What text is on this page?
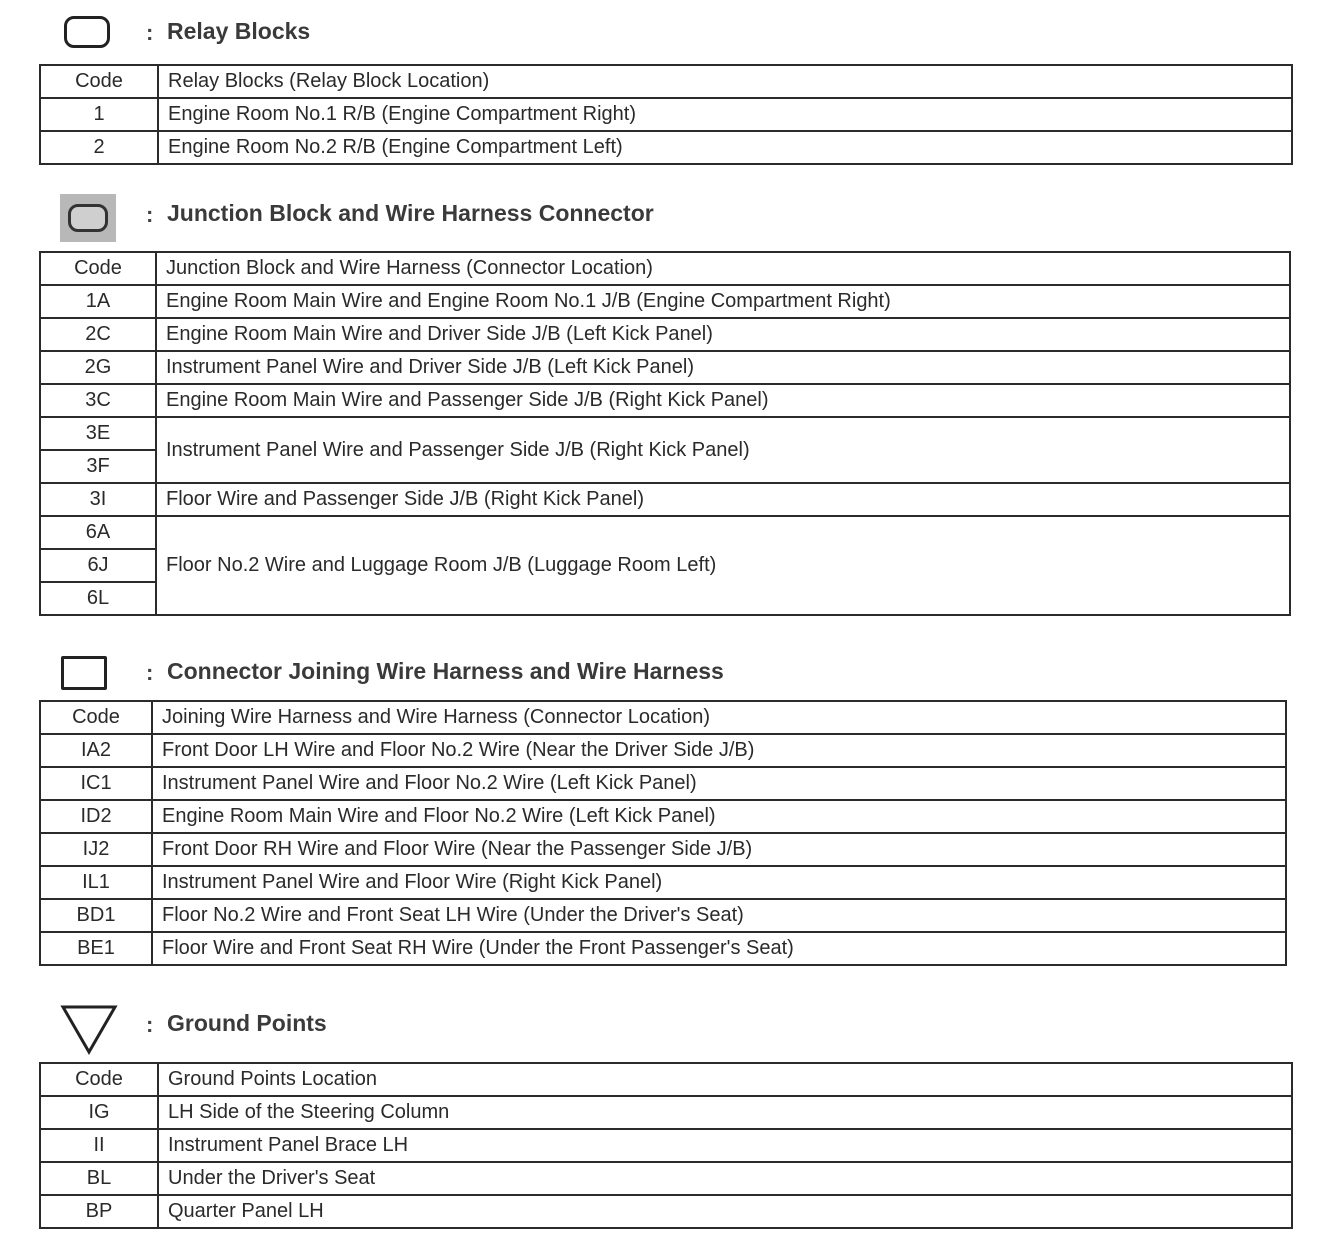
: Relay Blocks
Code	Relay Blocks (Relay Block Location)
1	Engine Room No.1 R/B (Engine Compartment Right)
2	Engine Room No.2 R/B (Engine Compartment Left)
: Junction Block and Wire Harness Connector
Code	Junction Block and Wire Harness (Connector Location)
1A	Engine Room Main Wire and Engine Room No.1 J/B (Engine Compartment Right)
2C	Engine Room Main Wire and Driver Side J/B (Left Kick Panel)
2G	Instrument Panel Wire and Driver Side J/B (Left Kick Panel)
3C	Engine Room Main Wire and Passenger Side J/B (Right Kick Panel)
3E	Instrument Panel Wire and Passenger Side J/B (Right Kick Panel)
3F	
3I	Floor Wire and Passenger Side J/B (Right Kick Panel)
6A	Floor No.2 Wire and Luggage Room J/B (Luggage Room Left)
6J	
6L	
: Connector Joining Wire Harness and Wire Harness
Code	Joining Wire Harness and Wire Harness (Connector Location)
IA2	Front Door LH Wire and Floor No.2 Wire (Near the Driver Side J/B)
IC1	Instrument Panel Wire and Floor No.2 Wire (Left Kick Panel)
ID2	Engine Room Main Wire and Floor No.2 Wire (Left Kick Panel)
IJ2	Front Door RH Wire and Floor Wire (Near the Passenger Side J/B)
IL1	Instrument Panel Wire and Floor Wire (Right Kick Panel)
BD1	Floor No.2 Wire and Front Seat LH Wire (Under the Driver's Seat)
BE1	Floor Wire and Front Seat RH Wire (Under the Front Passenger's Seat)
: Ground Points
Code	Ground Points Location
IG	LH Side of the Steering Column
II	Instrument Panel Brace LH
BL	Under the Driver's Seat
BP	Quarter Panel LH
